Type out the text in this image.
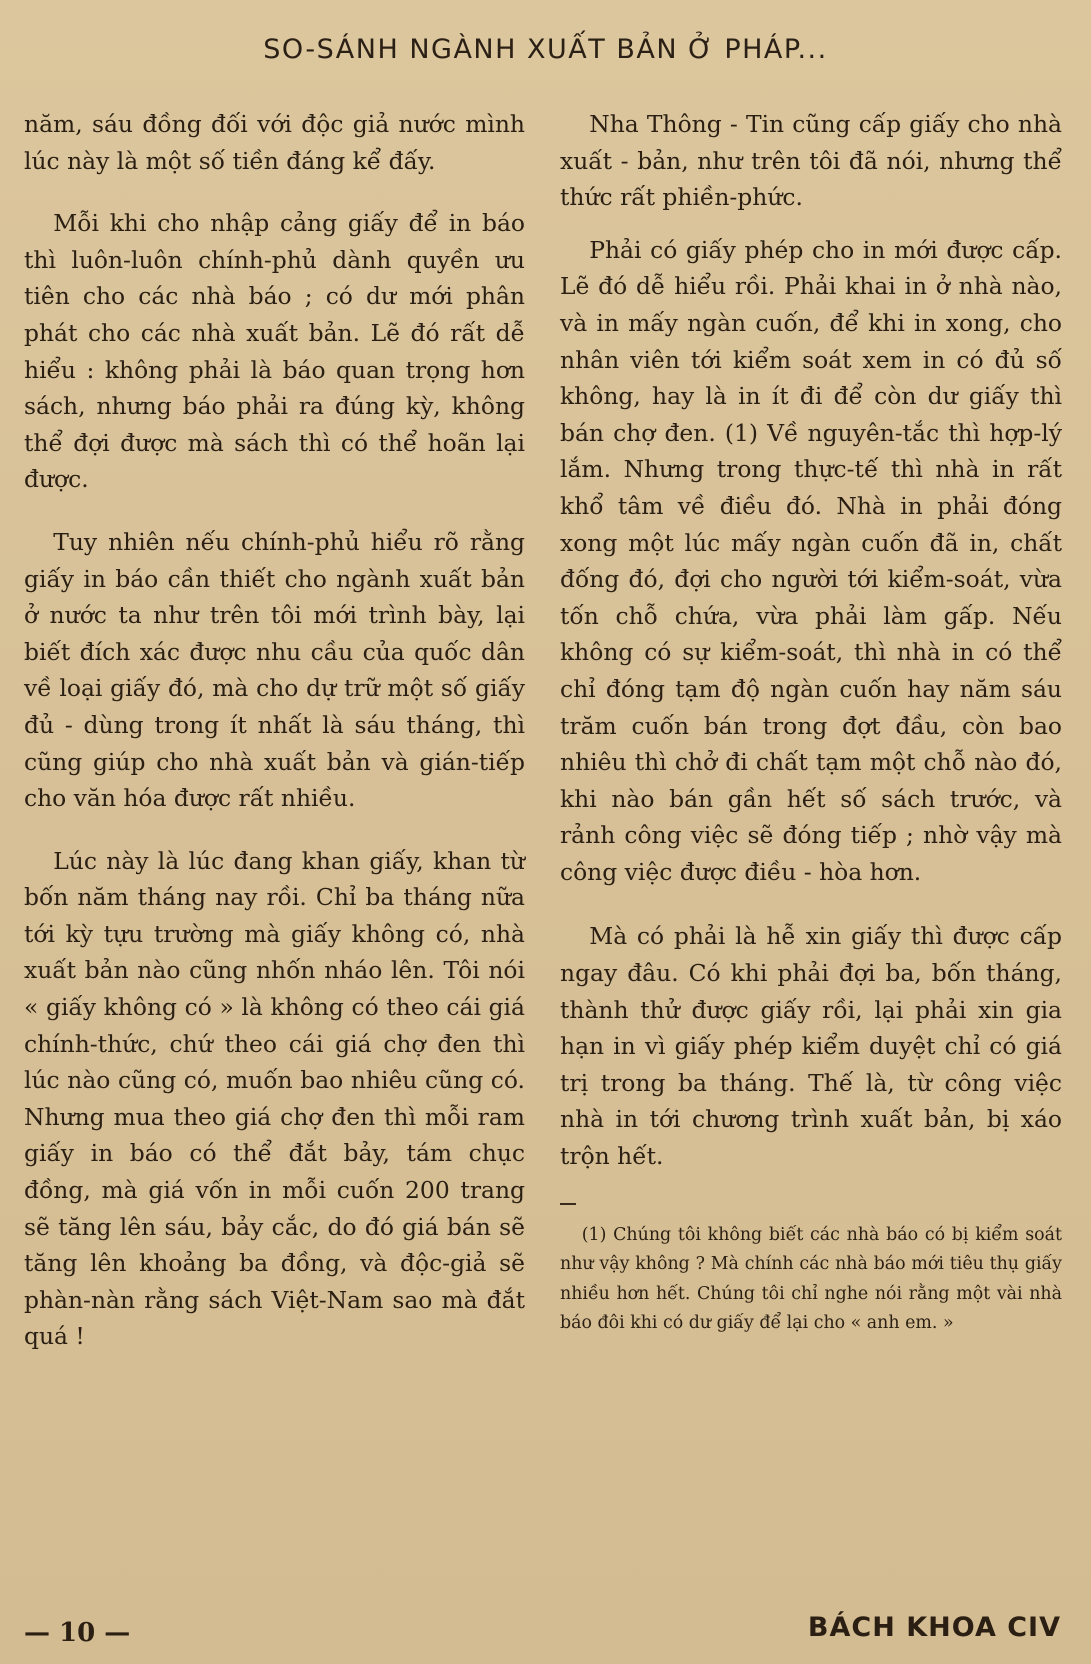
SO-SÁNH NGÀNH XUẤT BẢN Ở PHÁP...

năm, sáu đồng đối với độc giả nước mình lúc này là một số tiền đáng kể đấy.

Mỗi khi cho nhập cảng giấy để in báo thì luôn-luôn chính-phủ dành quyền ưu tiên cho các nhà báo ; có dư mới phân phát cho các nhà xuất bản. Lẽ đó rất dễ hiểu : không phải là báo quan trọng hơn sách, nhưng báo phải ra đúng kỳ, không thể đợi được mà sách thì có thể hoãn lại được.

Tuy nhiên nếu chính-phủ hiểu rõ rằng giấy in báo cần thiết cho ngành xuất bản ở nước ta như trên tôi mới trình bày, lại biết đích xác được nhu cầu của quốc dân về loại giấy đó, mà cho dự trữ một số giấy đủ - dùng trong ít nhất là sáu tháng, thì cũng giúp cho nhà xuất bản và gián-tiếp cho văn hóa được rất nhiều.

Lúc này là lúc đang khan giấy, khan từ bốn năm tháng nay rồi. Chỉ ba tháng nữa tới kỳ tựu trường mà giấy không có, nhà xuất bản nào cũng nhốn nháo lên. Tôi nói « giấy không có » là không có theo cái giá chính-thức, chứ theo cái giá chợ đen thì lúc nào cũng có, muốn bao nhiêu cũng có. Nhưng mua theo giá chợ đen thì mỗi ram giấy in báo có thể đắt bảy, tám chục đồng, mà giá vốn in mỗi cuốn 200 trang sẽ tăng lên sáu, bảy cắc, do đó giá bán sẽ tăng lên khoảng ba đồng, và độc-giả sẽ phàn-nàn rằng sách Việt-Nam sao mà đắt quá !

Nha Thông - Tin cũng cấp giấy cho nhà xuất - bản, như trên tôi đã nói, nhưng thể thức rất phiền-phức.

Phải có giấy phép cho in mới được cấp. Lẽ đó dễ hiểu rồi. Phải khai in ở nhà nào, và in mấy ngàn cuốn, để khi in xong, cho nhân viên tới kiểm soát xem in có đủ số không, hay là in ít đi để còn dư giấy thì bán chợ đen. (1) Về nguyên-tắc thì hợp-lý lắm. Nhưng trong thực-tế thì nhà in rất khổ tâm về điều đó. Nhà in phải đóng xong một lúc mấy ngàn cuốn đã in, chất đống đó, đợi cho người tới kiểm-soát, vừa tốn chỗ chứa, vừa phải làm gấp. Nếu không có sự kiểm-soát, thì nhà in có thể chỉ đóng tạm độ ngàn cuốn hay năm sáu trăm cuốn bán trong đợt đầu, còn bao nhiêu thì chở đi chất tạm một chỗ nào đó, khi nào bán gần hết số sách trước, và rảnh công việc sẽ đóng tiếp ; nhờ vậy mà công việc được điều - hòa hơn.

Mà có phải là hễ xin giấy thì được cấp ngay đâu. Có khi phải đợi ba, bốn tháng, thành thử được giấy rồi, lại phải xin gia hạn in vì giấy phép kiểm duyệt chỉ có giá trị trong ba tháng. Thế là, từ công việc nhà in tới chương trình xuất bản, bị xáo trộn hết.

(1) Chúng tôi không biết các nhà báo có bị kiểm soát như vậy không ? Mà chính các nhà báo mới tiêu thụ giấy nhiều hơn hết. Chúng tôi chỉ nghe nói rằng một vài nhà báo đôi khi có dư giấy để lại cho « anh em. »

— 10 —	BÁCH KHOA CIV
